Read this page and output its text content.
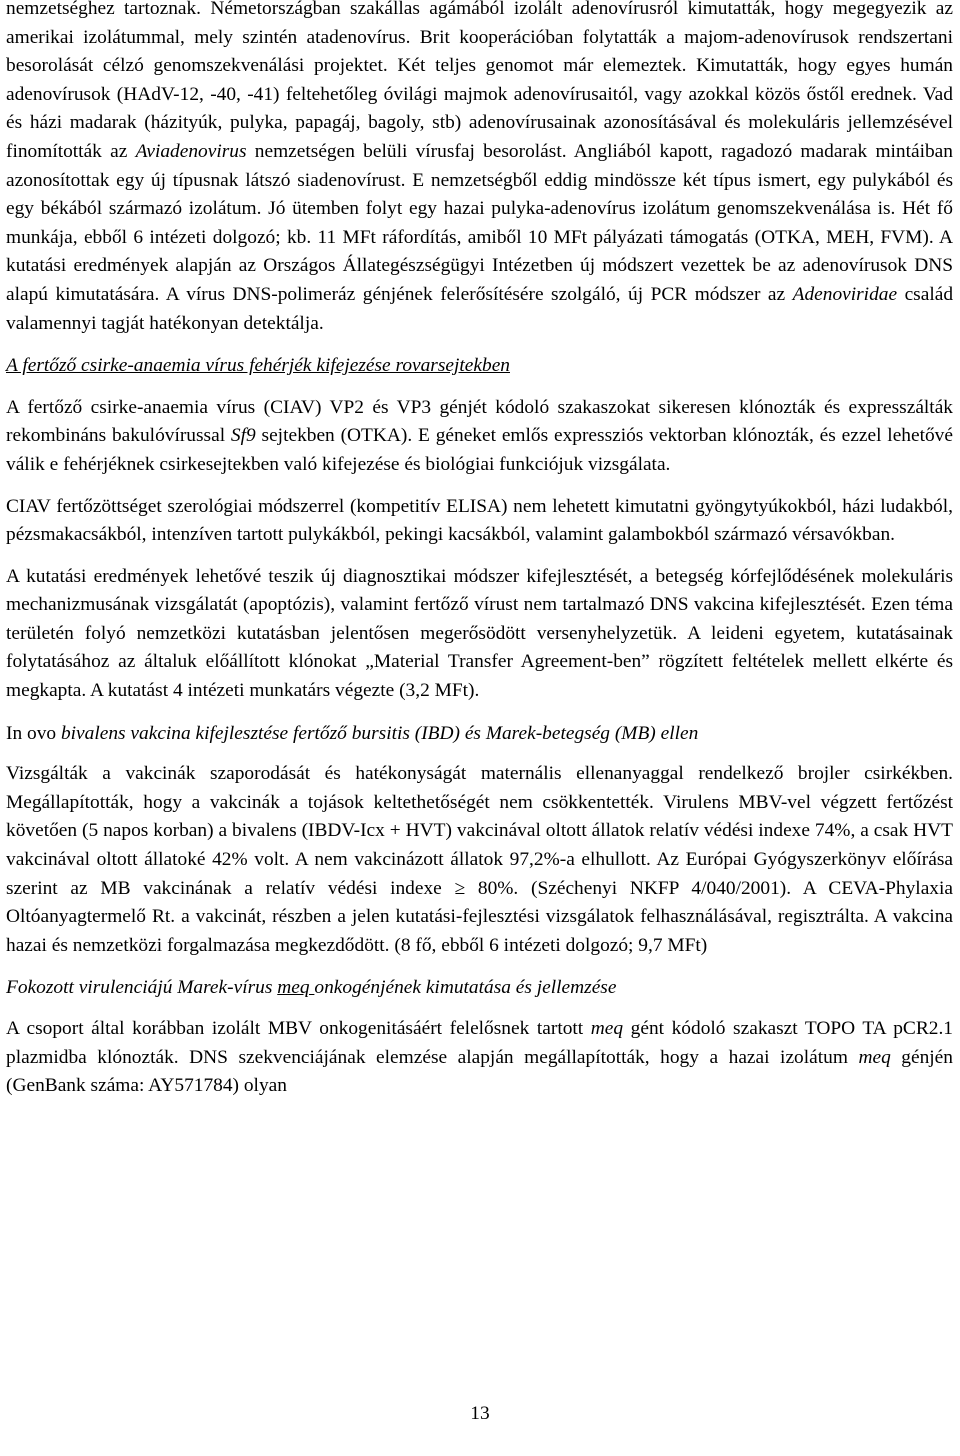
nemzetséghez tartoznak. Németországban szakállas agámából izolált adenovírusról kimutatták, hogy megegyezik az amerikai izolátummal, mely szintén atadenovírus. Brit kooperációban folytatták a majom-adenovírusok rendszertani besorolását célzó genomszekvenálási projektet. Két teljes genomot már elemeztek. Kimutatták, hogy egyes humán adenovírusok (HAdV-12, -40, -41) feltehetőleg óvilági majmok adenovírusaitól, vagy azokkal közös őstől erednek. Vad és házi madarak (házityúk, pulyka, papagáj, bagoly, stb) adenovírusainak azonosításával és molekuláris jellemzésével finomították az Aviadenovirus nemzetségen belüli vírusfaj besorolást. Angliából kapott, ragadozó madarak mintáiban azonosítottak egy új típusnak látszó siadenovírust. E nemzetségből eddig mindössze két típus ismert, egy pulykából és egy békából származó izolátum. Jó ütemben folyt egy hazai pulyka-adenovírus izolátum genomszekvenálása is. Hét fő munkája, ebből 6 intézeti dolgozó; kb. 11 MFt ráfordítás, amiből 10 MFt pályázati támogatás (OTKA, MEH, FVM). A kutatási eredmények alapján az Országos Állategészségügyi Intézetben új módszert vezettek be az adenovírusok DNS alapú kimutatására. A vírus DNS-polimeráz génjének felerősítésére szolgáló, új PCR módszer az Adenoviridae család valamennyi tagját hatékonyan detektálja.

A fertőző csirke-anaemia vírus fehérjék kifejezése rovarsejtekben

A fertőző csirke-anaemia vírus (CIAV) VP2 és VP3 génjét kódoló szakaszokat sikeresen klónozták és expresszálták rekombináns bakulóvírussal Sf9 sejtekben (OTKA). E géneket emlős expressziós vektorban klónozták, és ezzel lehetővé válik e fehérjéknek csirkesejtekben való kifejezése és biológiai funkciójuk vizsgálata.

CIAV fertőzöttséget szerológiai módszerrel (kompetitív ELISA) nem lehetett kimutatni gyöngytyúkokból, házi ludakból, pézsmakacsákból, intenzíven tartott pulykákból, pekingi kacsákból, valamint galambokból származó vérsavókban.

A kutatási eredmények lehetővé teszik új diagnosztikai módszer kifejlesztését, a betegség kórfejlődésének molekuláris mechanizmusának vizsgálatát (apoptózis), valamint fertőző vírust nem tartalmazó DNS vakcina kifejlesztését. Ezen téma területén folyó nemzetközi kutatásban jelentősen megerősödött versenyhelyzetük. A leideni egyetem, kutatásainak folytatásához az általuk előállított klónokat „Material Transfer Agreement-ben” rögzített feltételek mellett elkérte és megkapta. A kutatást 4 intézeti munkatárs végezte (3,2 MFt).

In ovo bivalens vakcina kifejlesztése fertőző bursitis (IBD) és Marek-betegség (MB) ellen

Vizsgálták a vakcinák szaporodását és hatékonyságát maternális ellenanyaggal rendelkező brojler csirkékben. Megállapították, hogy a vakcinák a tojások keltethetőségét nem csökkentették. Virulens MBV-vel végzett fertőzést követően (5 napos korban) a bivalens (IBDV-Icx + HVT) vakcinával oltott állatok relatív védési indexe 74%, a csak HVT vakcinával oltott állatoké 42% volt. A nem vakcinázott állatok 97,2%-a elhullott. Az Európai Gyógyszerkönyv előírása szerint az MB vakcinának a relatív védési indexe ≥ 80%. (Széchenyi NKFP 4/040/2001). A CEVA-Phylaxia Oltóanyagtermelő Rt. a vakcinát, részben a jelen kutatási-fejlesztési vizsgálatok felhasználásával, regisztrálta. A vakcina hazai és nemzetközi forgalmazása megkezdődött. (8 fő, ebből 6 intézeti dolgozó; 9,7 MFt)

Fokozott virulenciájú Marek-vírus meq onkogénjének kimutatása és jellemzése

A csoport által korábban izolált MBV onkogenitásáért felelősnek tartott meq gént kódoló szakaszt TOPO TA pCR2.1 plazmidba klónozták. DNS szekvenciájának elemzése alapján megállapították, hogy a hazai izolátum meq génjén (GenBank száma: AY571784) olyan

13
